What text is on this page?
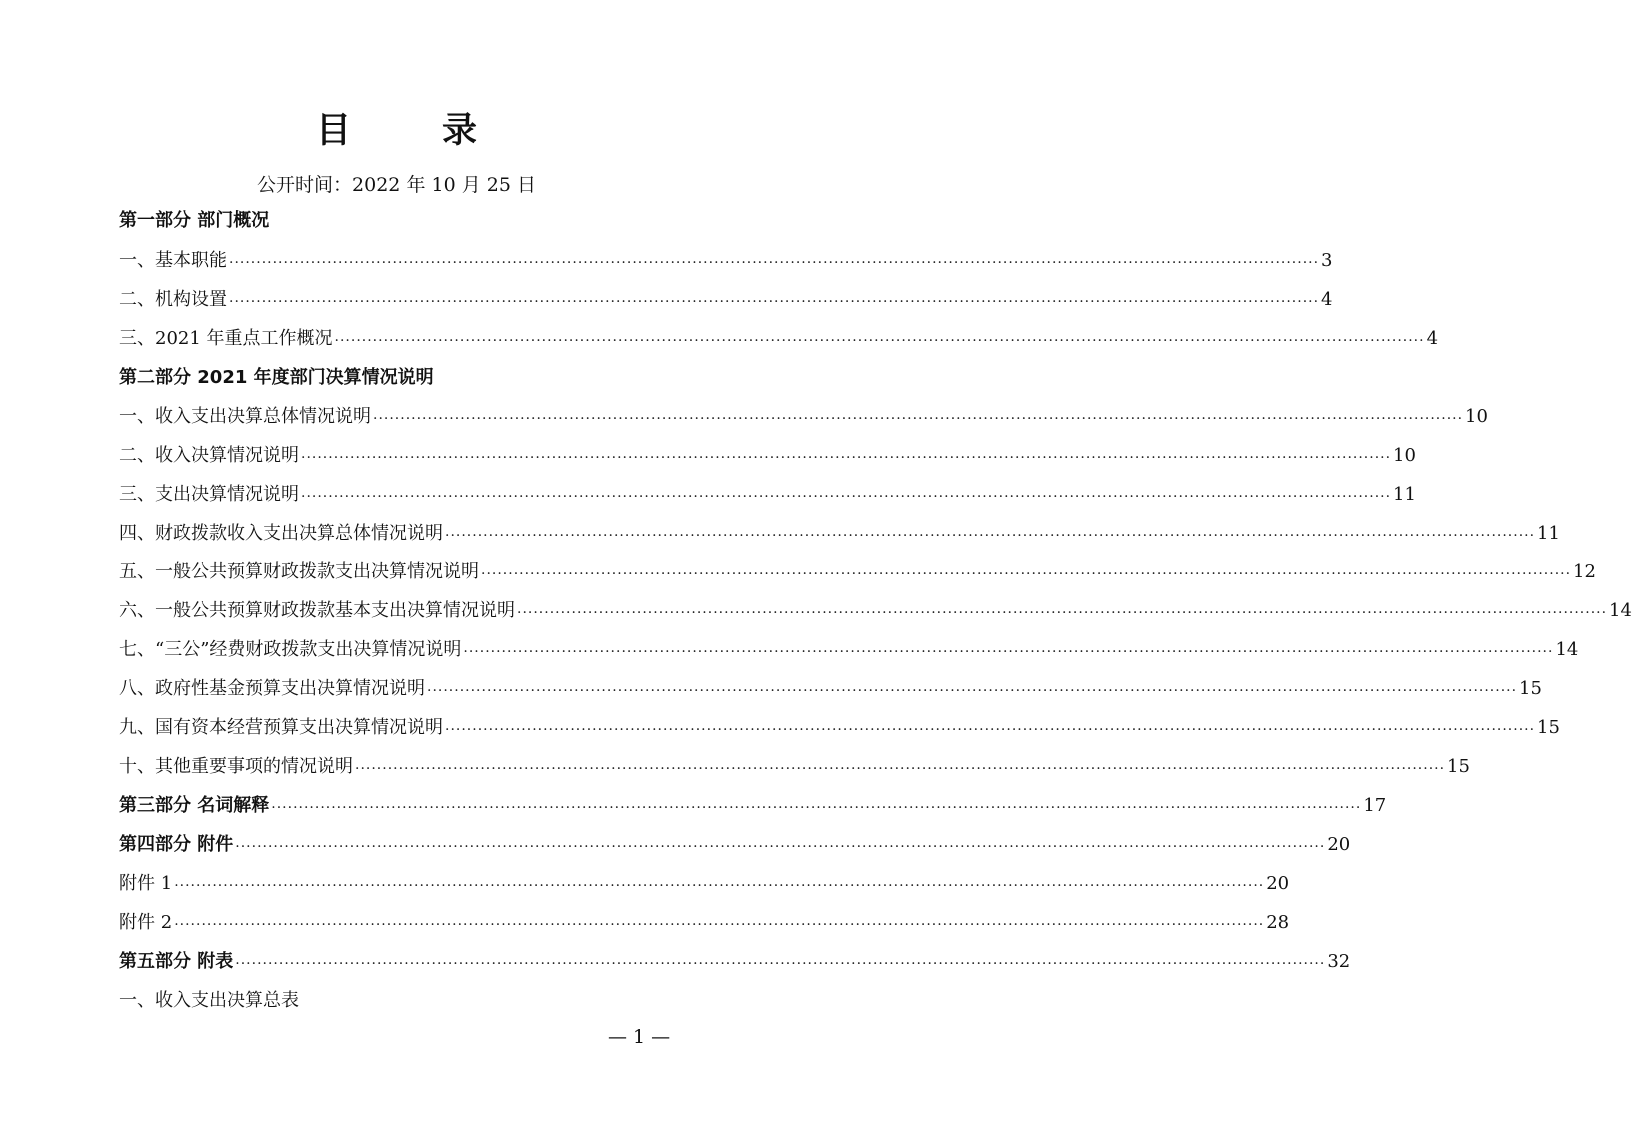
目　录
公开时间：2022 年 10 月 25 日
第一部分 部门概况
一、基本职能 ········································································································································································································ 3
二、机构设置 ········································································································································································································ 4
三、2021 年重点工作概况 ········································································································································································································ 4
第二部分 2021 年度部门决算情况说明
一、收入支出决算总体情况说明 ········································································································································································································ 10
二、收入决算情况说明 ········································································································································································································ 10
三、支出决算情况说明 ········································································································································································································ 11
四、财政拨款收入支出决算总体情况说明 ········································································································································································································ 11
五、一般公共预算财政拨款支出决算情况说明 ········································································································································································································ 12
六、一般公共预算财政拨款基本支出决算情况说明 ········································································································································································································ 14
七、“三公”经费财政拨款支出决算情况说明 ········································································································································································································ 14
八、政府性基金预算支出决算情况说明 ········································································································································································································ 15
九、国有资本经营预算支出决算情况说明 ········································································································································································································ 15
十、其他重要事项的情况说明 ········································································································································································································ 15
第三部分 名词解释 ········································································································································································································ 17
第四部分 附件 ········································································································································································································ 20
附件 1 ········································································································································································································ 20
附件 2 ········································································································································································································ 28
第五部分 附表 ········································································································································································································ 32
一、收入支出决算总表
— 1 —
